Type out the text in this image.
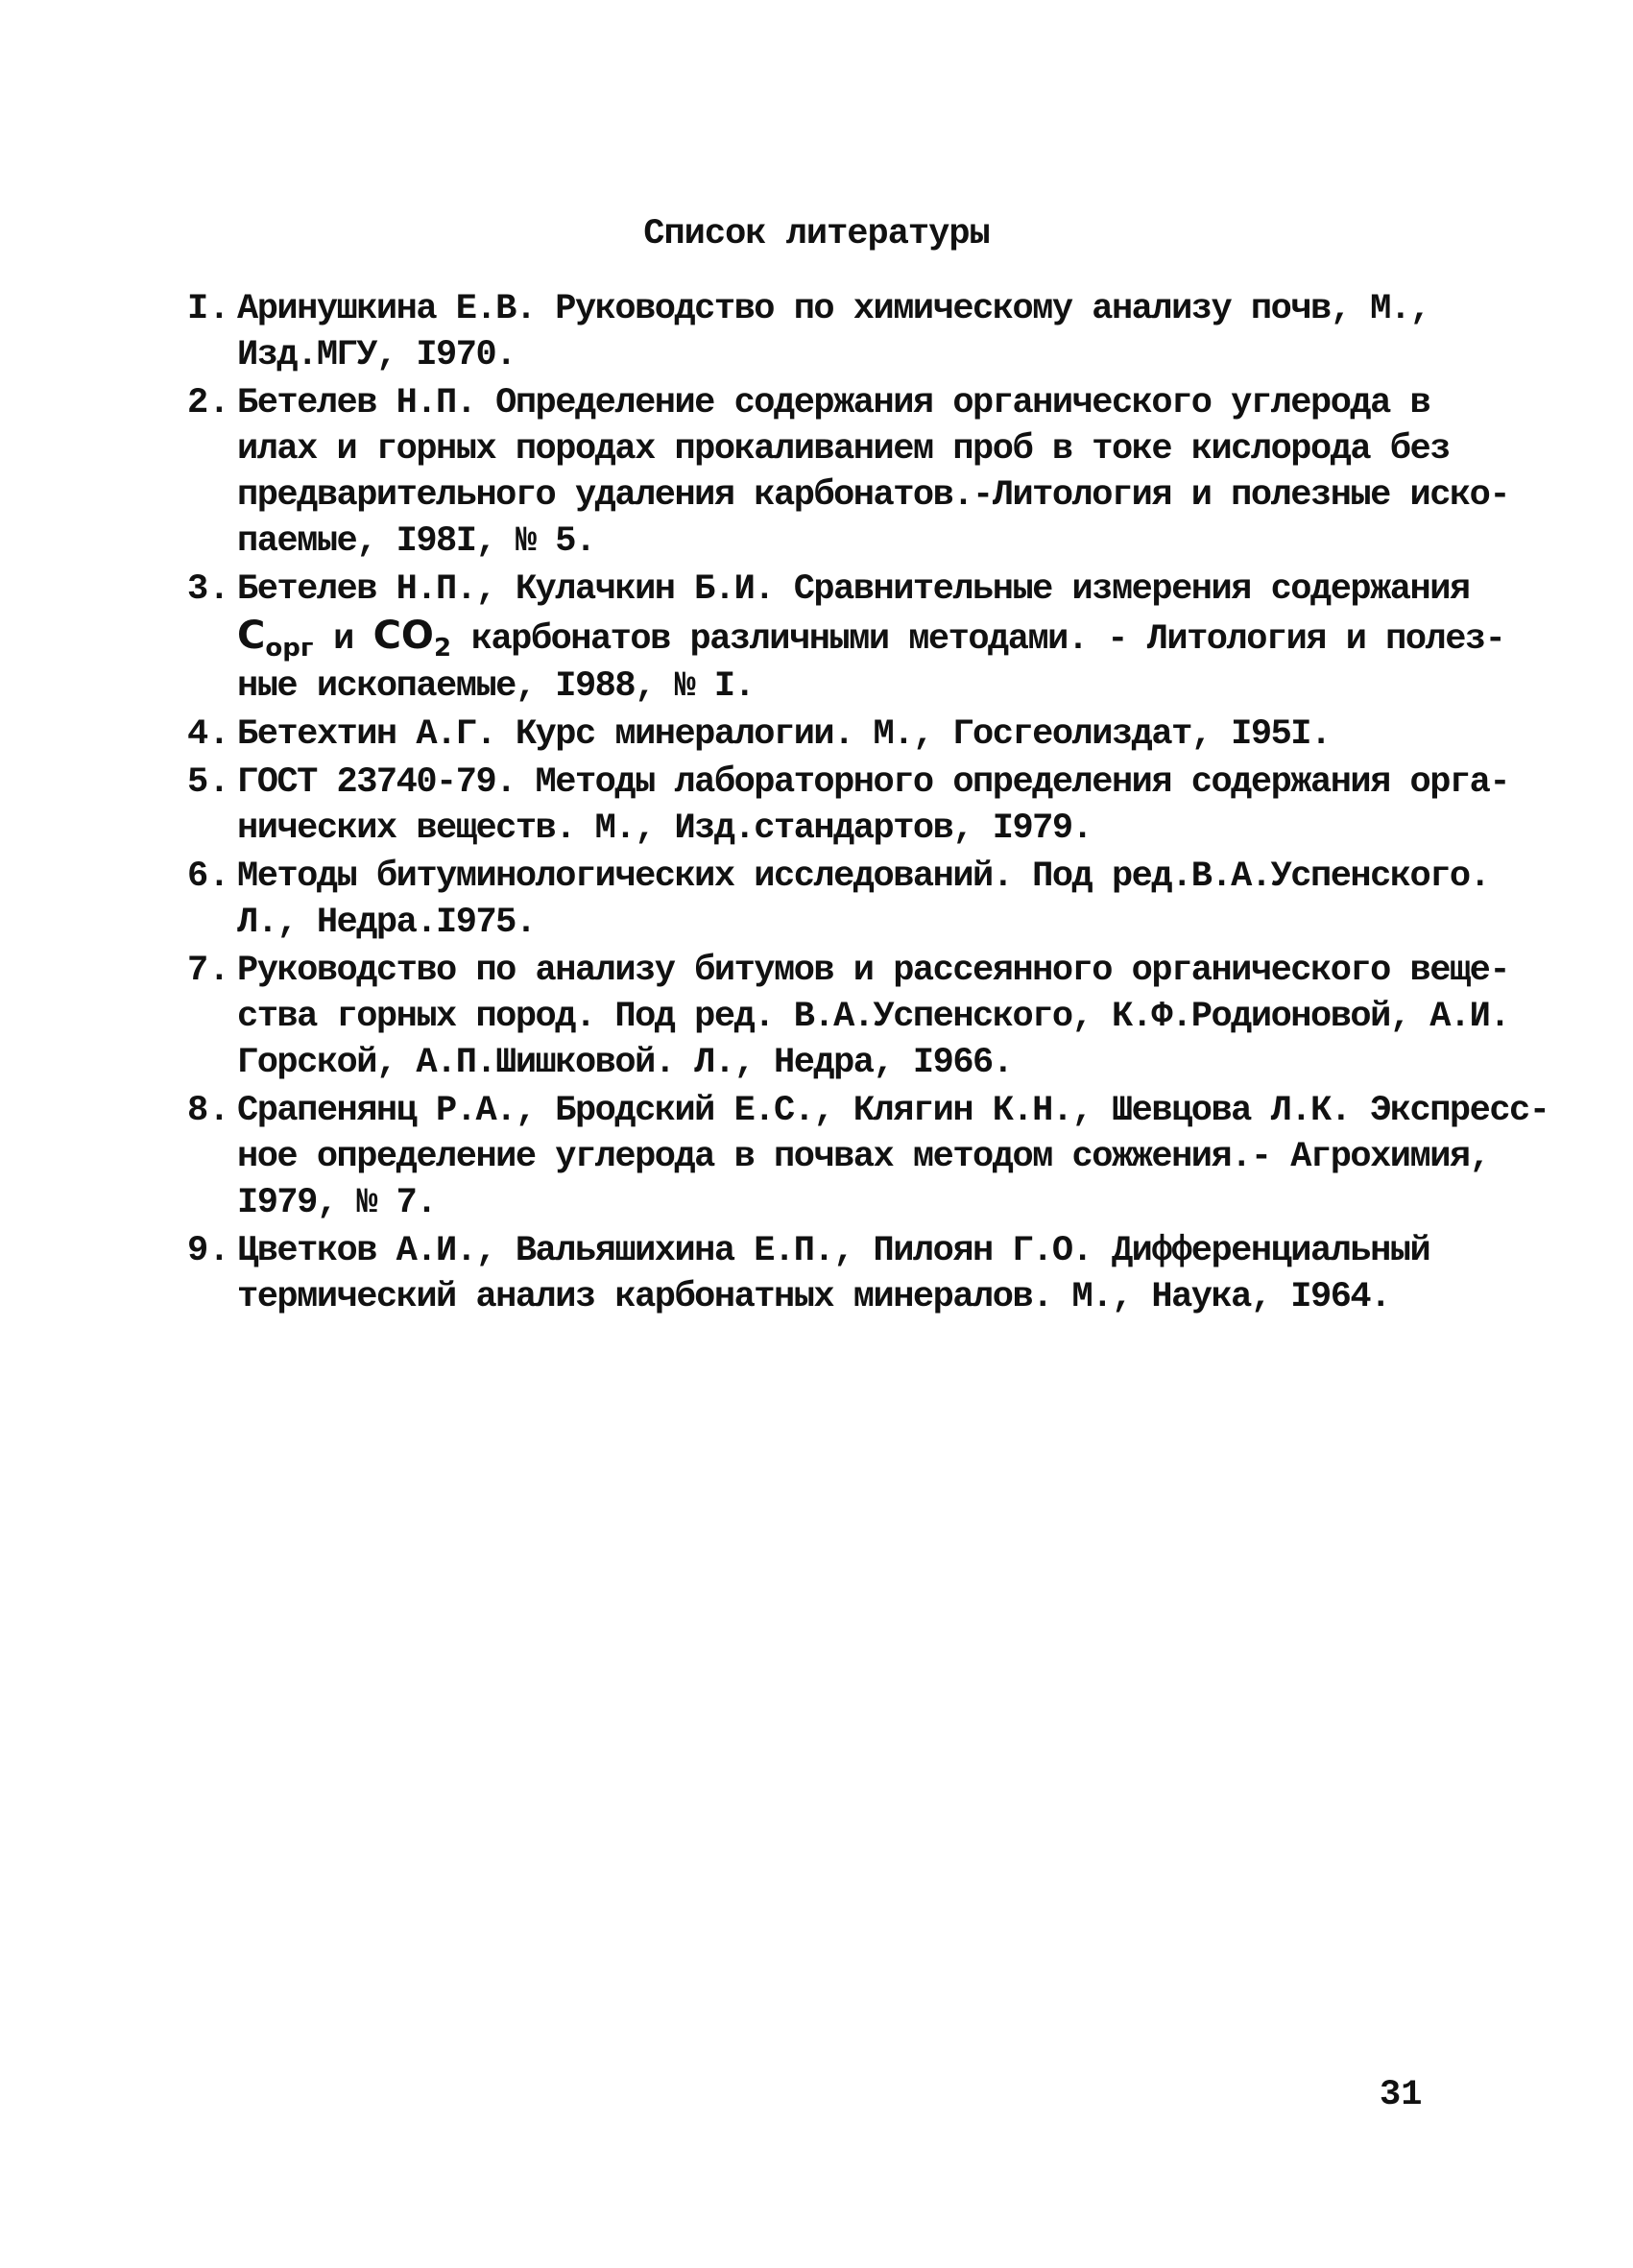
Список литературы
I. Аринушкина Е.В. Руководство по химическому анализу почв, М.,
Изд.МГУ, I970.
2. Бетелев Н.П. Определение содержания органического углерода в
илах и горных породах прокаливанием проб в токе кислорода без
предварительного удаления карбонатов.-Литология и полезные иско-
паемые, I98I, № 5.
3. Бетелев Н.П., Кулачкин Б.И. Сравнительные измерения содержания
$C_{орг}$ и $CO_2$ карбонатов различными методами. - Литология и полез-
ные ископаемые, I988, № I.
4. Бетехтин А.Г. Курс минералогии. М., Госгеолиздат, I95I.
5. ГОСТ 23740-79. Методы лабораторного определения содержания орга-
нических веществ. М., Изд.стандартов, I979.
6. Методы битуминологических исследований. Под ред.В.А.Успенского.
Л., Недра.I975.
7. Руководство по анализу битумов и рассеянного органического веще-
ства горных пород. Под ред. В.А.Успенского, К.Ф.Родионовой, А.И.
Горской, А.П.Шишковой. Л., Недра, I966.
8. Срапенянц Р.А., Бродский Е.С., Клягин К.Н., Шевцова Л.К. Экспресс-
ное определение углерода в почвах методом сожжения.- Агрохимия,
I979, № 7.
9. Цветков А.И., Вальяшихина Е.П., Пилоян Г.О. Дифференциальный
термический анализ карбонатных минералов. М., Наука, I964.
31
